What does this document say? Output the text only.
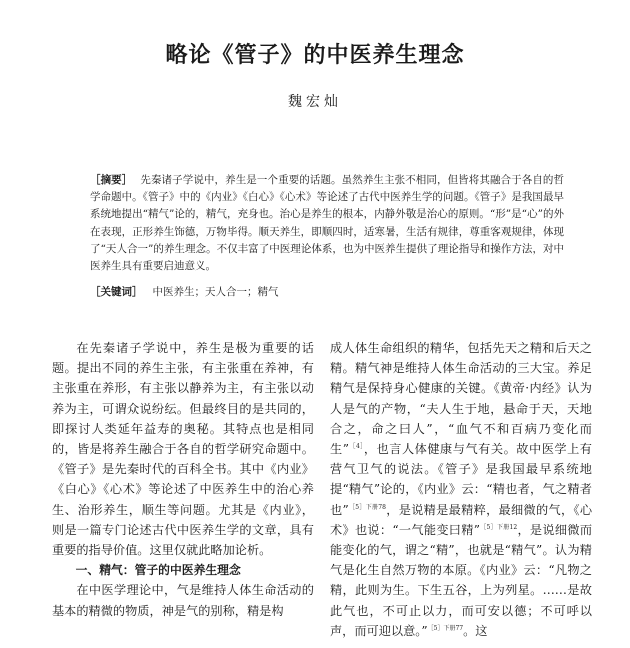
略论《管子》的中医养生理念
魏宏灿
［摘要］ 先秦诸子学说中，养生是一个重要的话题。虽然养生主张不相同，但皆将其融合于各自的哲学命题中。《管子》中的《内业》《白心》《心术》等论述了古代中医养生学的问题。《管子》是我国最早系统地提出“精气”论的，精气，充身也。治心是养生的根本，内静外敬是治心的原则。“形”是“心”的外在表现，正形养生饰德，万物毕得。顺天养生，即顺四时，适寒暑，生活有规律，尊重客观规律，体现了“天人合一”的养生理念。不仅丰富了中医理论体系，也为中医养生提供了理论指导和操作方法，对中医养生具有重要启迪意义。
［关键词］ 中医养生；天人合一；精气

在先秦诸子学说中，养生是极为重要的话题。提出不同的养生主张，有主张重在养神，有主张重在养形，有主张以静养为主，有主张以动养为主，可谓众说纷纭。但最终目的是共同的，即探讨人类延年益寿的奥秘。其特点也是相同的，皆是将养生融合于各自的哲学研究命题中。《管子》是先秦时代的百科全书。其中《内业》《白心》《心术》等论述了中医养生中的治心养生、治形养生，顺生等问题。尤其是《内业》，则是一篇专门论述古代中医养生学的文章，具有重要的指导价值。这里仅就此略加论析。

一、精气：管子的中医养生理念

在中医学理论中，气是维持人体生命活动的基本的精微的物质，神是气的别称，精是构

成人体生命组织的精华，包括先天之精和后天之精。精气神是维持人体生命活动的三大宝。养足精气是保持身心健康的关键。《黄帝·内经》认为人是气的产物，“夫人生于地，悬命于天，天地合之，命之曰人”，“血气不和百病乃变化而生”$^{[4]}$，也言人体健康与气有关。故中医学上有营气卫气的说法。《管子》是我国最早系统地提“精气”论的，《内业》云：“精也者，气之精者也”$^{[5]下册78}$，是说精是最精粹，最细微的气，《心术》也说：“一气能变曰精”$^{[5]下册12}$，是说细微而能变化的气，谓之“精”，也就是“精气”。认为精气是化生自然万物的本原。《内业》云：“凡物之精，此则为生。下生五谷，上为列星。……是故此气也，不可止以力，而可安以德；不可呼以声，而可迎以意。”$^{[5]下册77}$。这
